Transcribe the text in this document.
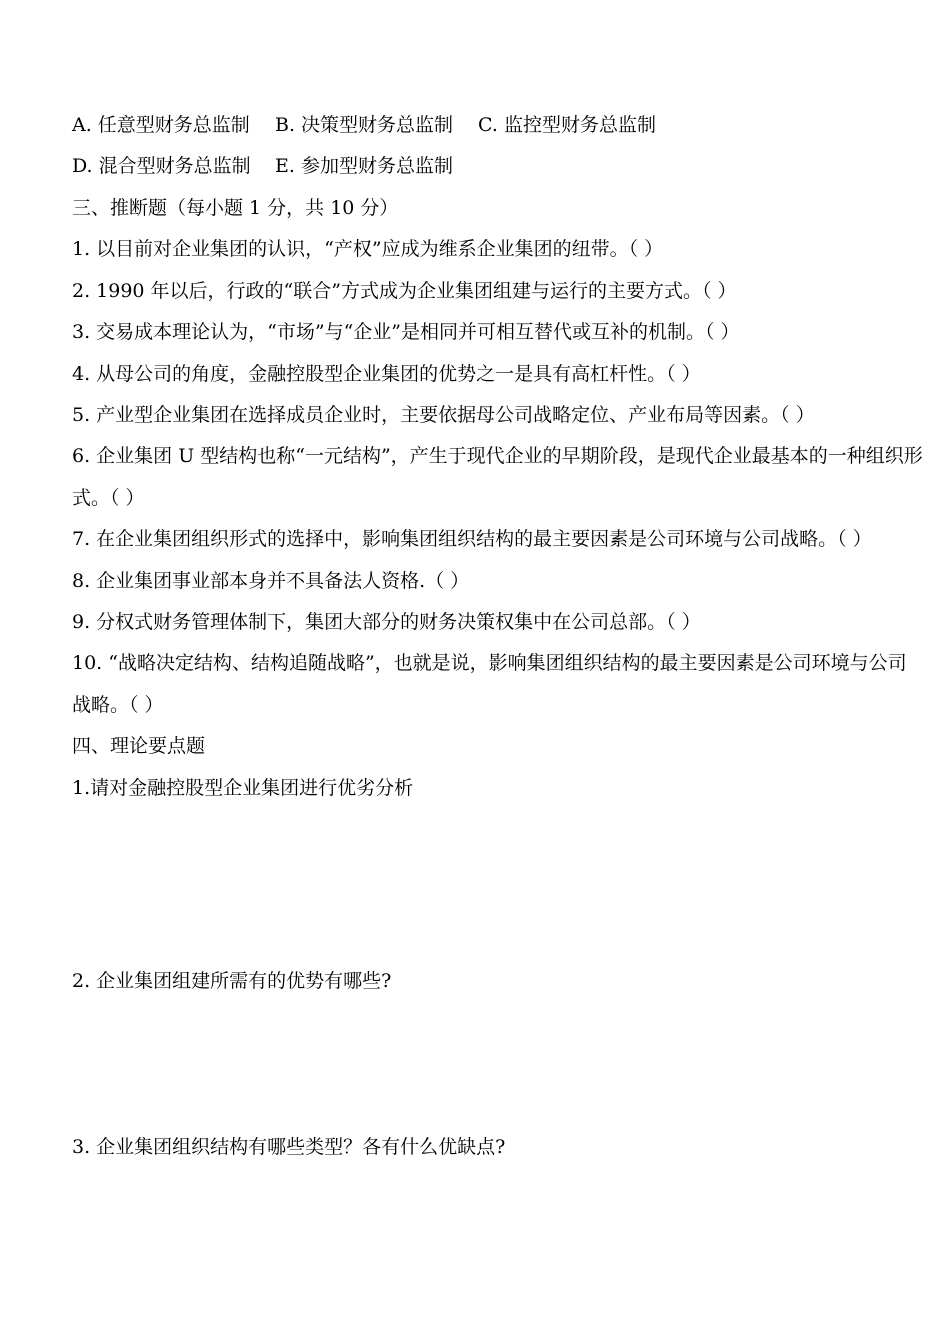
A. 任意型财务总监制 B. 决策型财务总监制 C. 监控型财务总监制
D. 混合型财务总监制 E. 参加型财务总监制
三、推断题（每小题 1 分，共 10 分）
1. 以目前对企业集团的认识，“产权”应成为维系企业集团的纽带。（ ）
2. 1990 年以后，行政的“联合”方式成为企业集团组建与运行的主要方式。（ ）
3. 交易成本理论认为，“市场”与“企业”是相同并可相互替代或互补的机制。（ ）
4. 从母公司的角度，金融控股型企业集团的优势之一是具有高杠杆性。（ ）
5. 产业型企业集团在选择成员企业时，主要依据母公司战略定位、产业布局等因素。（ ）
6. 企业集团 U 型结构也称“一元结构”，产生于现代企业的早期阶段，是现代企业最基本的一种组织形
式。（ ）
7. 在企业集团组织形式的选择中，影响集团组织结构的最主要因素是公司环境与公司战略。（ ）
8. 企业集团事业部本身并不具备法人资格.（ ）
9. 分权式财务管理体制下，集团大部分的财务决策权集中在公司总部。（ ）
10. “战略决定结构、结构追随战略”，也就是说，影响集团组织结构的最主要因素是公司环境与公司
战略。（ ）
四、理论要点题
1.请对金融控股型企业集团进行优劣分析
2. 企业集团组建所需有的优势有哪些?
3. 企业集团组织结构有哪些类型？各有什么优缺点?
